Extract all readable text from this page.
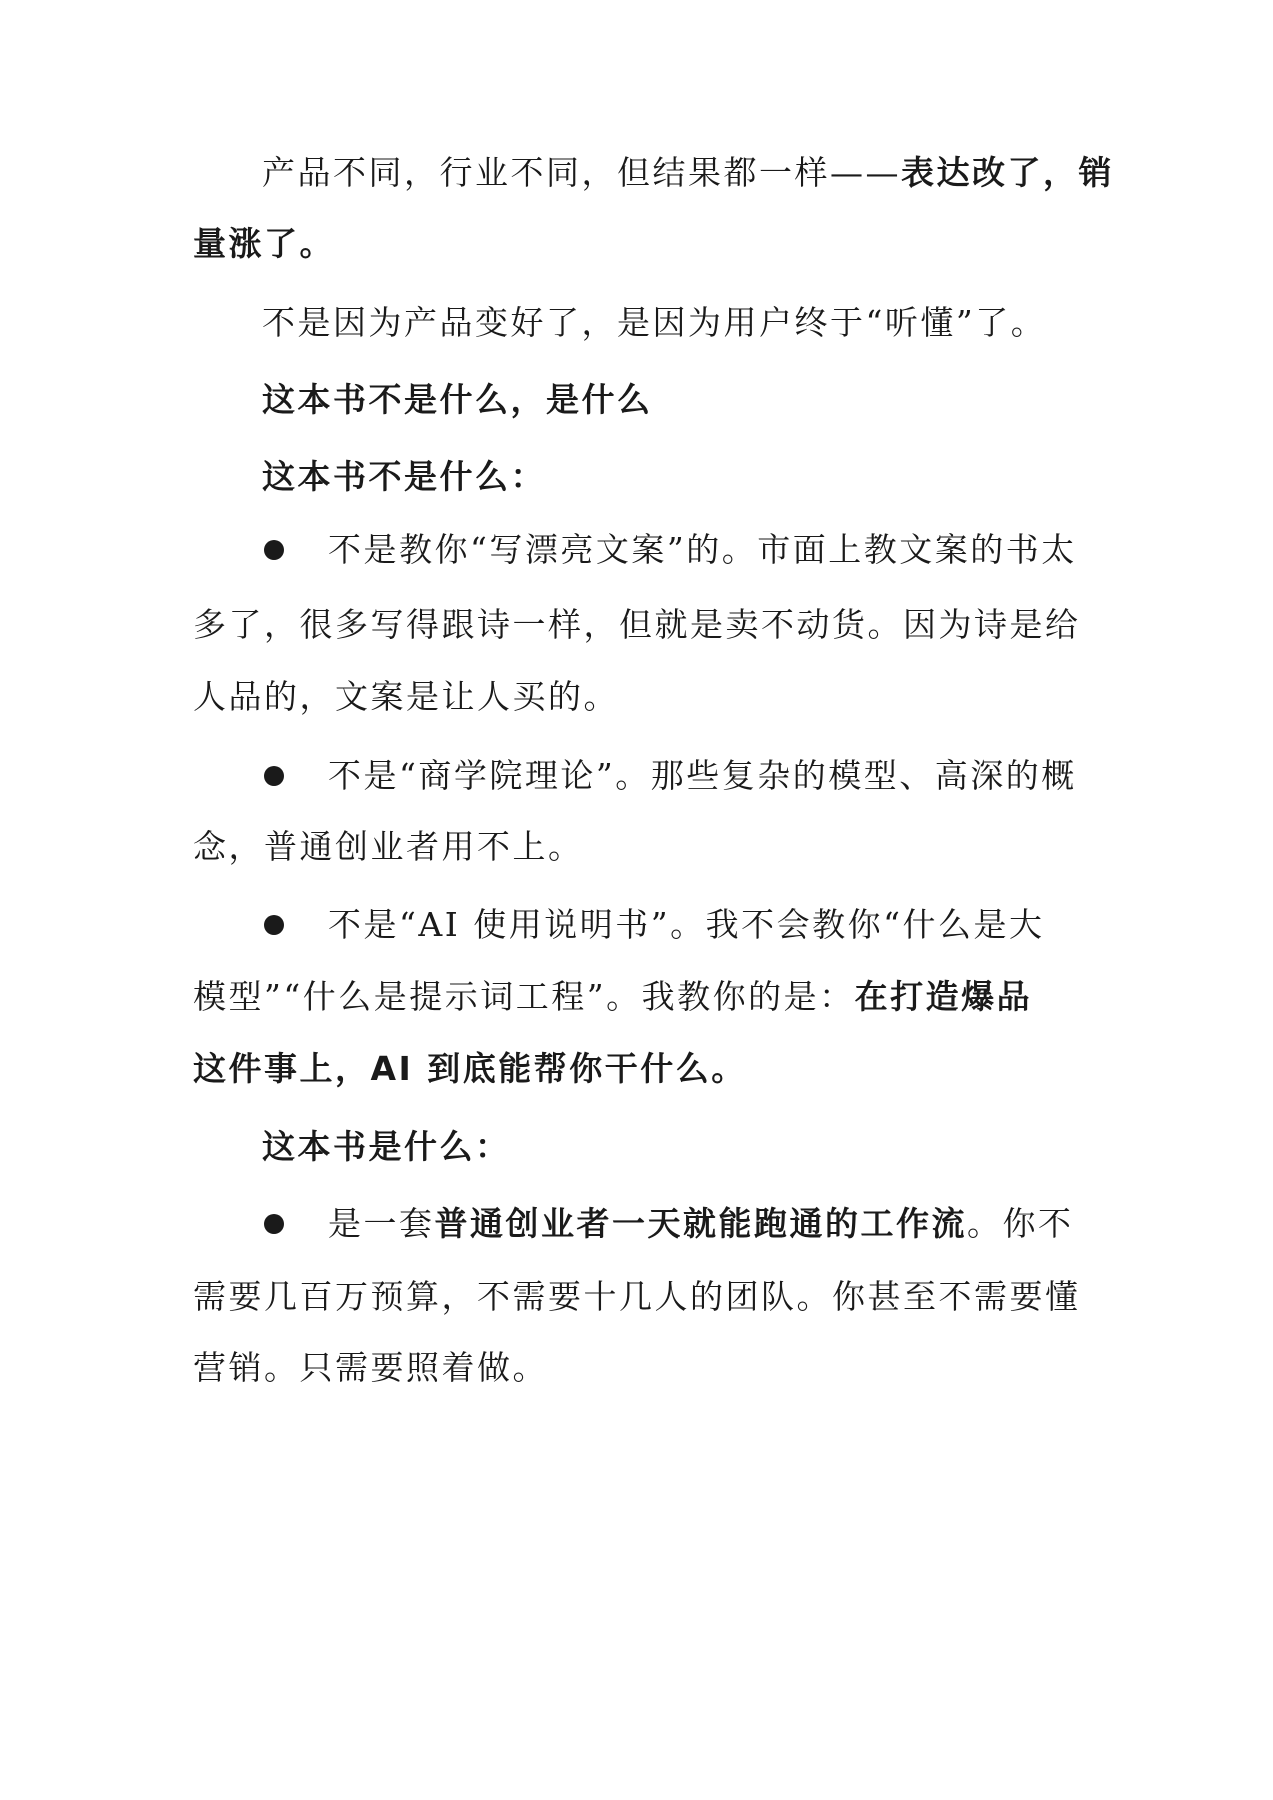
产品不同，行业不同，但结果都一样——表达改了，销
量涨了。
不是因为产品变好了，是因为用户终于“听懂”了。
这本书不是什么，是什么
这本书不是什么：
不是教你“写漂亮文案”的。市面上教文案的书太
多了，很多写得跟诗一样，但就是卖不动货。因为诗是给
人品的，文案是让人买的。
不是“商学院理论”。那些复杂的模型、高深的概
念，普通创业者用不上。
不是“AI 使用说明书”。我不会教你“什么是大
模型”“什么是提示词工程”。我教你的是：在打造爆品
这件事上，AI 到底能帮你干什么。
这本书是什么：
是一套普通创业者一天就能跑通的工作流。你不
需要几百万预算，不需要十几人的团队。你甚至不需要懂
营销。只需要照着做。
